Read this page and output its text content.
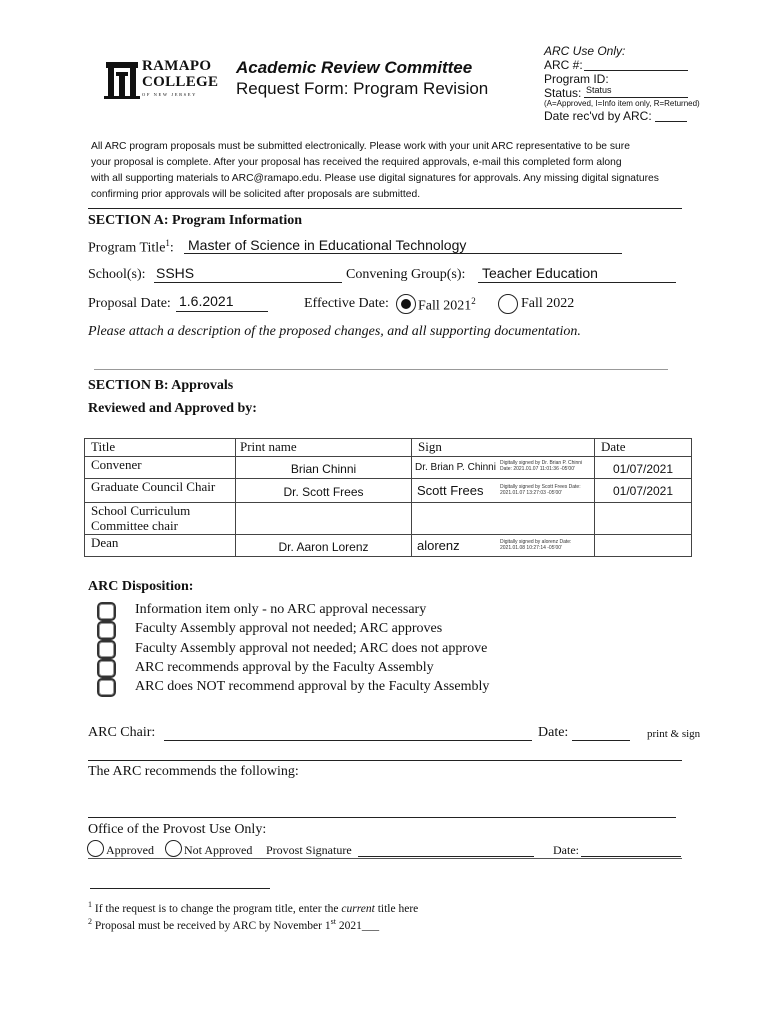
RAMAPO
COLLEGE
OF NEW JERSEY
Academic Review Committee
Request Form: Program Revision
ARC Use Only:
ARC #:
Program ID:
Status: Status
(A=Approved, I=Info item only, R=Returned)
Date rec'vd by ARC:
All ARC program proposals must be submitted electronically. Please work with your unit ARC representative to be sure
your proposal is complete. After your proposal has received the required approvals, e-mail this completed form along
with all supporting materials to ARC@ramapo.edu. Please use digital signatures for approvals. Any missing digital signatures
confirming prior approvals will be solicited after proposals are submitted.
SECTION A: Program Information
Program Title$^1$: Master of Science in Educational Technology
School(s): SSHS	Convening Group(s): Teacher Education
Proposal Date: 1.6.2021	Effective Date: Fall 2021$^2$	Fall 2022
Please attach a description of the proposed changes, and all supporting documentation.
SECTION B: Approvals
Reviewed and Approved by:
Title	Print name	Sign	Date
Convener	Brian Chinni	Dr. Brian P. Chinni Digitally signed by Dr. Brian P. Chinni Date: 2021.01.07 11:01:36 -05'00'	01/07/2021

Graduate Council Chair	Dr. Scott Frees	Scott Frees Digitally signed by Scott Frees Date: 2021.01.07 13:27:03 -05'00'	01/07/2021

School Curriculum Committee chair			

Dean	Dr. Aaron Lorenz	alorenz Digitally signed by alorenz Date: 2021.01.08 10:27:14 -05'00'	

ARC Disposition:
Information item only - no ARC approval necessary
Faculty Assembly approval not needed; ARC approves
Faculty Assembly approval not needed; ARC does not approve
ARC recommends approval by the Faculty Assembly
ARC does NOT recommend approval by the Faculty Assembly
ARC Chair:	Date:	print & sign
The ARC recommends the following:
Office of the Provost Use Only:
Approved	Not Approved Provost Signature	Date:
$^1$ If the request is to change the program title, enter the current title here
$^2$ Proposal must be received by ARC by November 1st 2021___
